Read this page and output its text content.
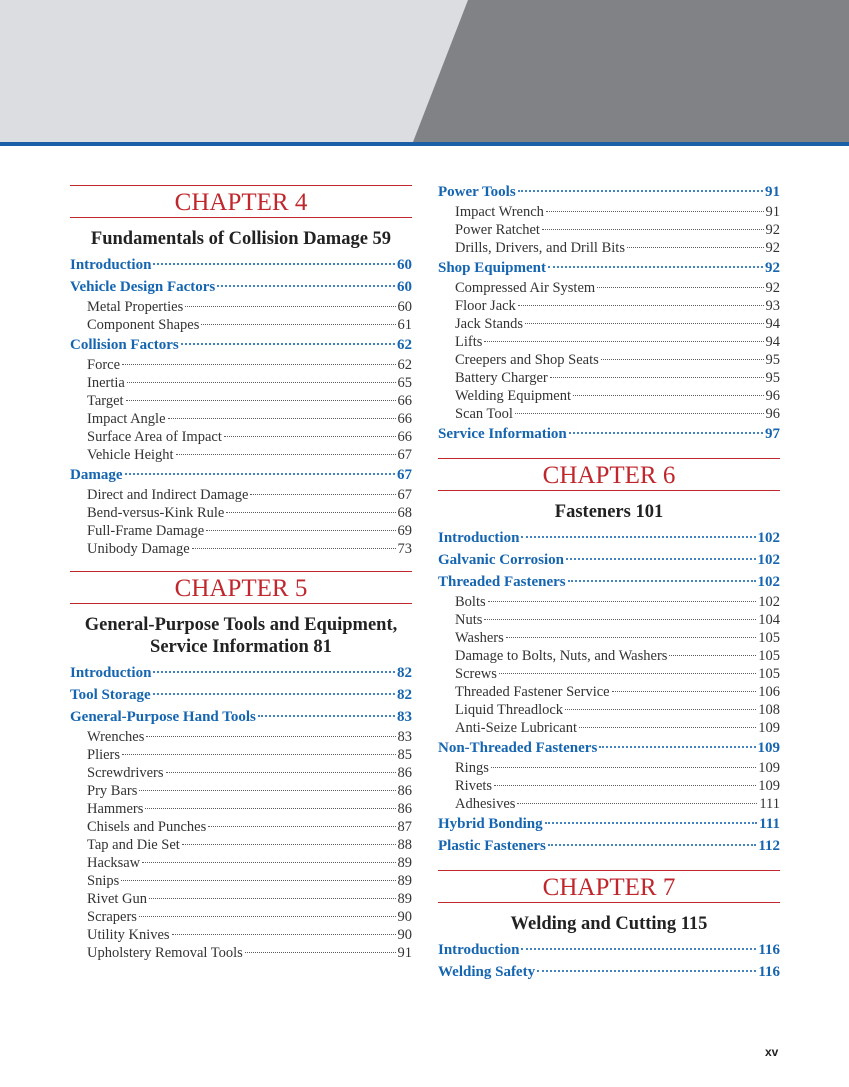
CHAPTER 4
Fundamentals of Collision Damage 59
Introduction	60
Vehicle Design Factors	60
Metal Properties	60
Component Shapes	61
Collision Factors	62
Force	62
Inertia	65
Target	66
Impact Angle	66
Surface Area of Impact	66
Vehicle Height	67
Damage	67
Direct and Indirect Damage	67
Bend-versus-Kink Rule	68
Full-Frame Damage	69
Unibody Damage	73
CHAPTER 5
General-Purpose Tools and Equipment, Service Information 81
Introduction	82
Tool Storage	82
General-Purpose Hand Tools	83
Wrenches	83
Pliers	85
Screwdrivers	86
Pry Bars	86
Hammers	86
Chisels and Punches	87
Tap and Die Set	88
Hacksaw	89
Snips	89
Rivet Gun	89
Scrapers	90
Utility Knives	90
Upholstery Removal Tools	91
Power Tools	91
Impact Wrench	91
Power Ratchet	92
Drills, Drivers, and Drill Bits	92
Shop Equipment	92
Compressed Air System	92
Floor Jack	93
Jack Stands	94
Lifts	94
Creepers and Shop Seats	95
Battery Charger	95
Welding Equipment	96
Scan Tool	96
Service Information	97
CHAPTER 6
Fasteners 101
Introduction	102
Galvanic Corrosion	102
Threaded Fasteners	102
Bolts	102
Nuts	104
Washers	105
Damage to Bolts, Nuts, and Washers	105
Screws	105
Threaded Fastener Service	106
Liquid Threadlock	108
Anti-Seize Lubricant	109
Non-Threaded Fasteners	109
Rings	109
Rivets	109
Adhesives	111
Hybrid Bonding	111
Plastic Fasteners	112
CHAPTER 7
Welding and Cutting 115
Introduction	116
Welding Safety	116
xv
